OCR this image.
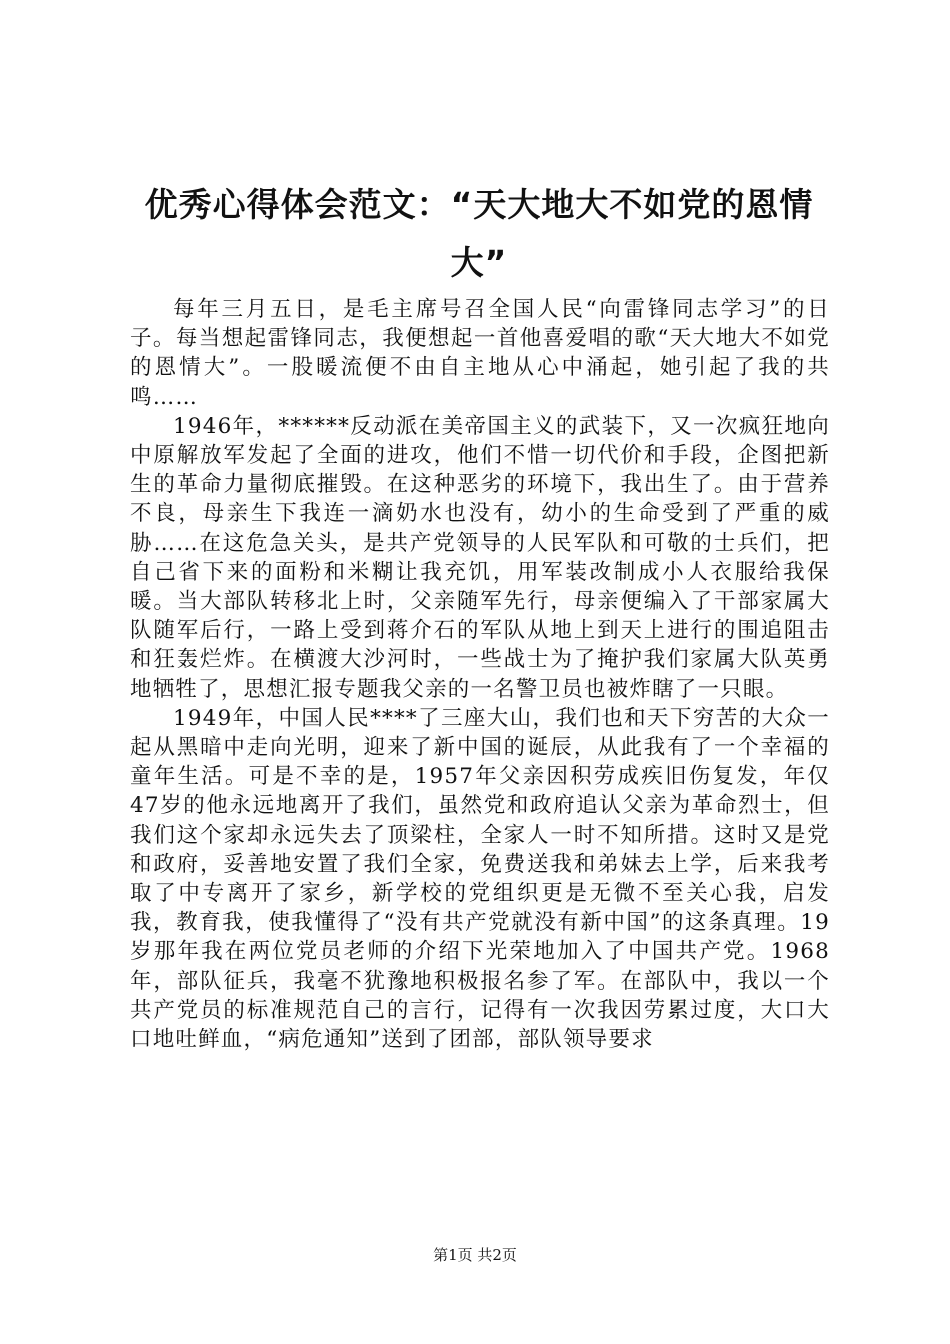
优秀心得体会范文：“天大地大不如党的恩情大”

每年三月五日，是毛主席号召全国人民“向雷锋同志学习”的日子。每当想起雷锋同志，我便想起一首他喜爱唱的歌“天大地大不如党的恩情大”。一股暖流便不由自主地从心中涌起，她引起了我的共鸣……

1946年，******反动派在美帝国主义的武装下，又一次疯狂地向中原解放军发起了全面的进攻，他们不惜一切代价和手段，企图把新生的革命力量彻底摧毁。在这种恶劣的环境下，我出生了。由于营养不良，母亲生下我连一滴奶水也没有，幼小的生命受到了严重的威胁……在这危急关头，是共产党领导的人民军队和可敬的士兵们，把自己省下来的面粉和米糊让我充饥，用军装改制成小人衣服给我保暖。当大部队转移北上时，父亲随军先行，母亲便编入了干部家属大队随军后行，一路上受到蒋介石的军队从地上到天上进行的围追阻击和狂轰烂炸。在横渡大沙河时，一些战士为了掩护我们家属大队英勇地牺牲了，思想汇报专题我父亲的一名警卫员也被炸瞎了一只眼。

1949年，中国人民****了三座大山，我们也和天下穷苦的大众一起从黑暗中走向光明，迎来了新中国的诞辰，从此我有了一个幸福的童年生活。可是不幸的是，1957年父亲因积劳成疾旧伤复发，年仅47岁的他永远地离开了我们，虽然党和政府追认父亲为革命烈士，但我们这个家却永远失去了顶梁柱，全家人一时不知所措。这时又是党和政府，妥善地安置了我们全家，免费送我和弟妹去上学，后来我考取了中专离开了家乡，新学校的党组织更是无微不至关心我，启发我，教育我，使我懂得了“没有共产党就没有新中国”的这条真理。19岁那年我在两位党员老师的介绍下光荣地加入了中国共产党。1968年，部队征兵，我毫不犹豫地积极报名参了军。在部队中，我以一个共产党员的标准规范自己的言行，记得有一次我因劳累过度，大口大口地吐鲜血，“病危通知”送到了团部，部队领导要求

第1页 共2页
